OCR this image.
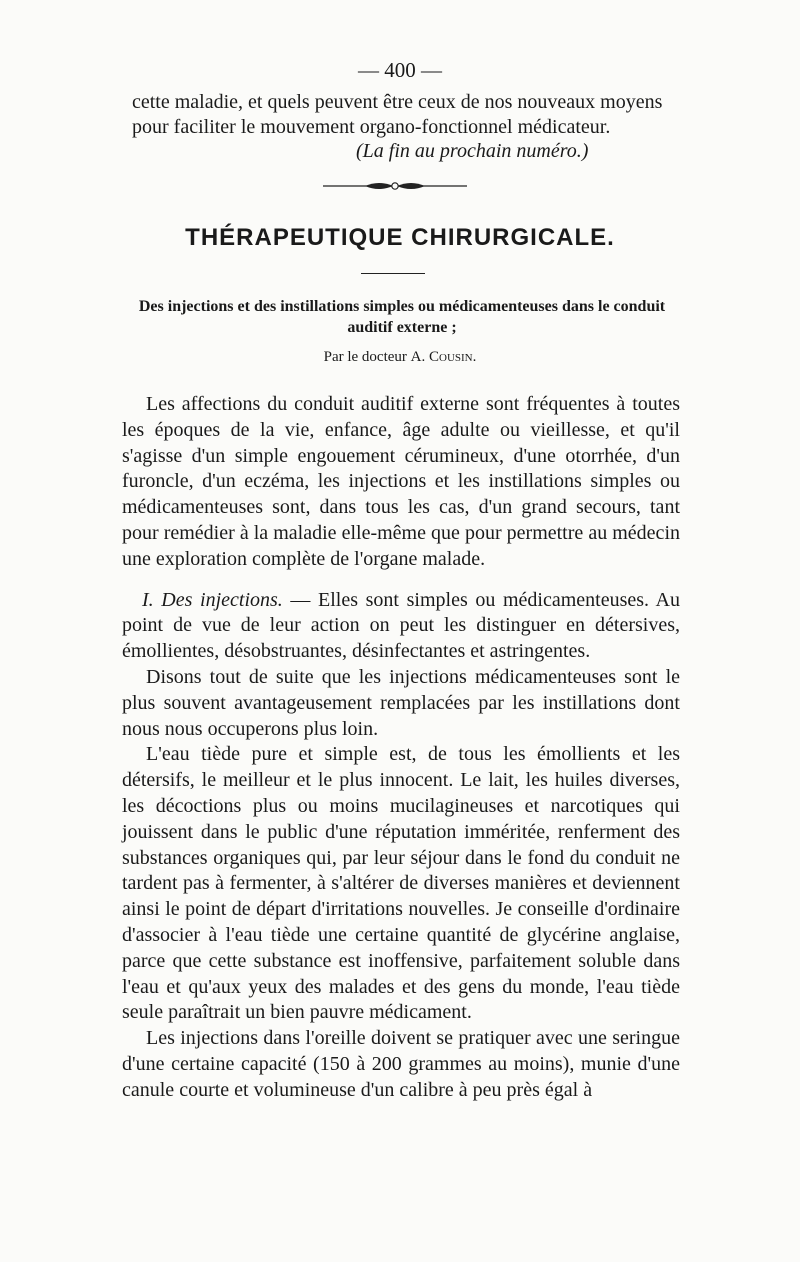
— 400 —

cette maladie, et quels peuvent être ceux de nos nouveaux moyens

pour faciliter le mouvement organo-fonctionnel médicateur.

(La fin au prochain numéro.)
THÉRAPEUTIQUE CHIRURGICALE.
Des injections et des instillations simples ou médicamenteuses dans le conduit auditif externe ;
Par le docteur A. Cousin.

Les affections du conduit auditif externe sont fréquentes à toutes les époques de la vie, enfance, âge adulte ou vieillesse, et qu'il s'agisse d'un simple engouement cérumineux, d'une otorrhée, d'un furoncle, d'un eczéma, les injections et les instillations simples ou médicamenteuses sont, dans tous les cas, d'un grand secours, tant pour remédier à la maladie elle-même que pour permettre au médecin une exploration complète de l'organe malade.

I. Des injections. — Elles sont simples ou médicamenteuses. Au point de vue de leur action on peut les distinguer en détersives, émollientes, désobstruantes, désinfectantes et astringentes.

Disons tout de suite que les injections médicamenteuses sont le plus souvent avantageusement remplacées par les instillations dont nous nous occuperons plus loin.

L'eau tiède pure et simple est, de tous les émollients et les détersifs, le meilleur et le plus innocent. Le lait, les huiles diverses, les décoctions plus ou moins mucilagineuses et narcotiques qui jouissent dans le public d'une réputation imméritée, renferment des substances organiques qui, par leur séjour dans le fond du conduit ne tardent pas à fermenter, à s'altérer de diverses manières et deviennent ainsi le point de départ d'irritations nouvelles. Je conseille d'ordinaire d'associer à l'eau tiède une certaine quantité de glycérine anglaise, parce que cette substance est inoffensive, parfaitement soluble dans l'eau et qu'aux yeux des malades et des gens du monde, l'eau tiède seule paraîtrait un bien pauvre médicament.

Les injections dans l'oreille doivent se pratiquer avec une seringue d'une certaine capacité (150 à 200 grammes au moins), munie d'une canule courte et volumineuse d'un calibre à peu près égal à
